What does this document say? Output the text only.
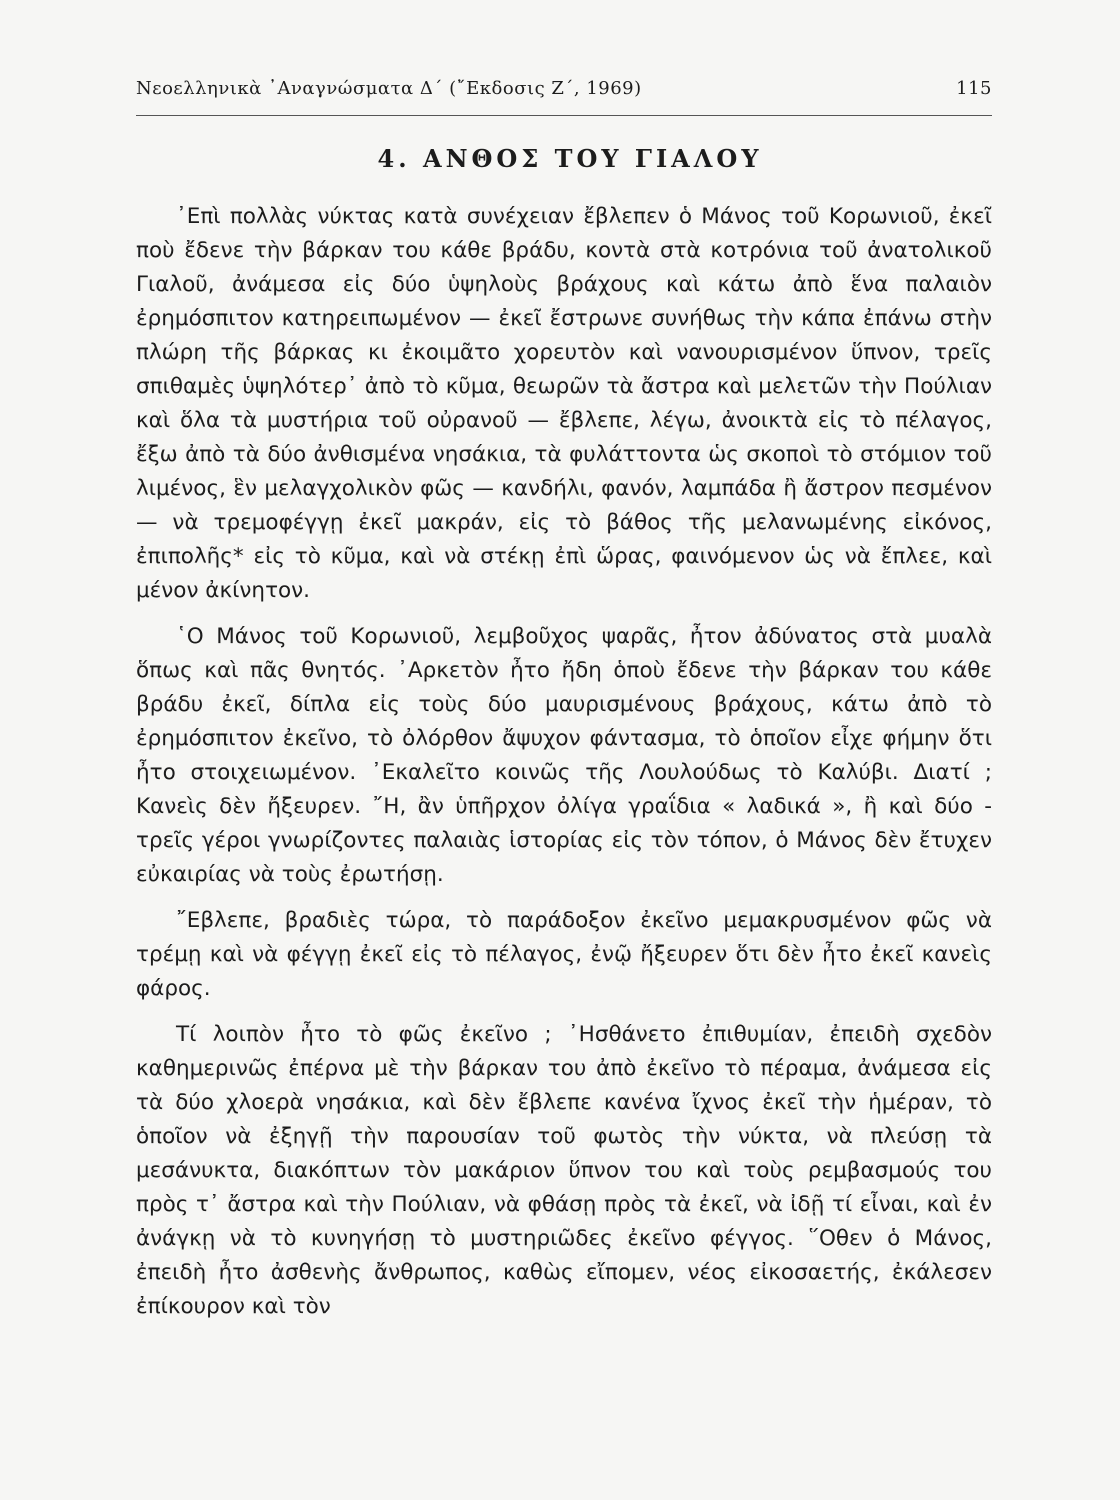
Νεοελληνικὰ ᾿Αναγνώσματα Δ΄ (῎Εκδοσις Ζ΄, 1969)	115
4. ΑΝΘΟΣ ΤΟΥ ΓΙΑΛΟΥ

᾿Επὶ πολλὰς νύκτας κατὰ συνέχειαν ἔβλεπεν ὁ Μάνος τοῦ Κορωνιοῦ, ἐκεῖ ποὺ ἔδενε τὴν βάρκαν του κάθε βράδυ, κοντὰ στὰ κοτρόνια τοῦ ἀνατολικοῦ Γιαλοῦ, ἀνάμεσα εἰς δύο ὑψηλοὺς βράχους καὶ κάτω ἀπὸ ἕνα παλαιὸν ἐρημόσπιτον κατηρειπωμένον — ἐκεῖ ἔστρωνε συνήθως τὴν κάπα ἐπάνω στὴν πλώρη τῆς βάρκας κι ἐκοιμᾶτο χορευτὸν καὶ νανουρισμένον ὕπνον, τρεῖς σπιθαμὲς ὑψηλότερ᾿ ἀπὸ τὸ κῦμα, θεωρῶν τὰ ἄστρα καὶ μελετῶν τὴν Πούλιαν καὶ ὅλα τὰ μυστήρια τοῦ οὐρανοῦ — ἔβλεπε, λέγω, ἀνοικτὰ εἰς τὸ πέλαγος, ἔξω ἀπὸ τὰ δύο ἀνθισμένα νησάκια, τὰ φυλάττοντα ὡς σκοποὶ τὸ στόμιον τοῦ λιμένος, ἓν μελαγχολικὸν φῶς — κανδήλι, φανόν, λαμπάδα ἢ ἄστρον πεσμένον — νὰ τρεμοφέγγῃ ἐκεῖ μακράν, εἰς τὸ βάθος τῆς μελανωμένης εἰκόνος, ἐπιπολῆς* εἰς τὸ κῦμα, καὶ νὰ στέκῃ ἐπὶ ὥρας, φαινόμενον ὡς νὰ ἔπλεε, καὶ μένον ἀκίνητον.

῾Ο Μάνος τοῦ Κορωνιοῦ, λεμβοῦχος ψαρᾶς, ἦτον ἀδύνατος στὰ μυαλὰ ὅπως καὶ πᾶς θνητός. ᾿Αρκετὸν ἦτο ἤδη ὁποὺ ἔδενε τὴν βάρκαν του κάθε βράδυ ἐκεῖ, δίπλα εἰς τοὺς δύο μαυρισμένους βράχους, κάτω ἀπὸ τὸ ἐρημόσπιτον ἐκεῖνο, τὸ ὀλόρθον ἄψυχον φάντασμα, τὸ ὁποῖον εἶχε φήμην ὅτι ἦτο στοιχειωμένον. ᾿Εκαλεῖτο κοινῶς τῆς Λουλούδως τὸ Καλύβι. Διατί ; Κανεὶς δὲν ἤξευρεν. ῎Η, ἂν ὑπῆρχον ὀλίγα γραΐδια « λαδικά », ἢ καὶ δύο - τρεῖς γέροι γνωρίζοντες παλαιὰς ἱστορίας εἰς τὸν τόπον, ὁ Μάνος δὲν ἔτυχεν εὐκαιρίας νὰ τοὺς ἐρωτήσῃ.

῎Εβλεπε, βραδιὲς τώρα, τὸ παράδοξον ἐκεῖνο μεμακρυσμένον φῶς νὰ τρέμῃ καὶ νὰ φέγγῃ ἐκεῖ εἰς τὸ πέλαγος, ἐνῷ ἤξευρεν ὅτι δὲν ἦτο ἐκεῖ κανεὶς φάρος.

Τί λοιπὸν ἦτο τὸ φῶς ἐκεῖνο ; ᾿Ησθάνετο ἐπιθυμίαν, ἐπειδὴ σχεδὸν καθημερινῶς ἐπέρνα μὲ τὴν βάρκαν του ἀπὸ ἐκεῖνο τὸ πέραμα, ἀνάμεσα εἰς τὰ δύο χλοερὰ νησάκια, καὶ δὲν ἔβλεπε κανένα ἴχνος ἐκεῖ τὴν ἡμέραν, τὸ ὁποῖον νὰ ἐξηγῇ τὴν παρουσίαν τοῦ φωτὸς τὴν νύκτα, νὰ πλεύσῃ τὰ μεσάνυκτα, διακόπτων τὸν μακάριον ὕπνον του καὶ τοὺς ρεμβασμούς του πρὸς τ᾿ ἄστρα καὶ τὴν Πούλιαν, νὰ φθάσῃ πρὸς τὰ ἐκεῖ, νὰ ἰδῇ τί εἶναι, καὶ ἐν ἀνάγκῃ νὰ τὸ κυνηγήσῃ τὸ μυστηριῶδες ἐκεῖνο φέγγος. ῞Οθεν ὁ Μάνος, ἐπειδὴ ἦτο ἀσθενὴς ἄνθρωπος, καθὼς εἴπομεν, νέος εἰκοσαετής, ἐκάλεσεν ἐπίκουρον καὶ τὸν
